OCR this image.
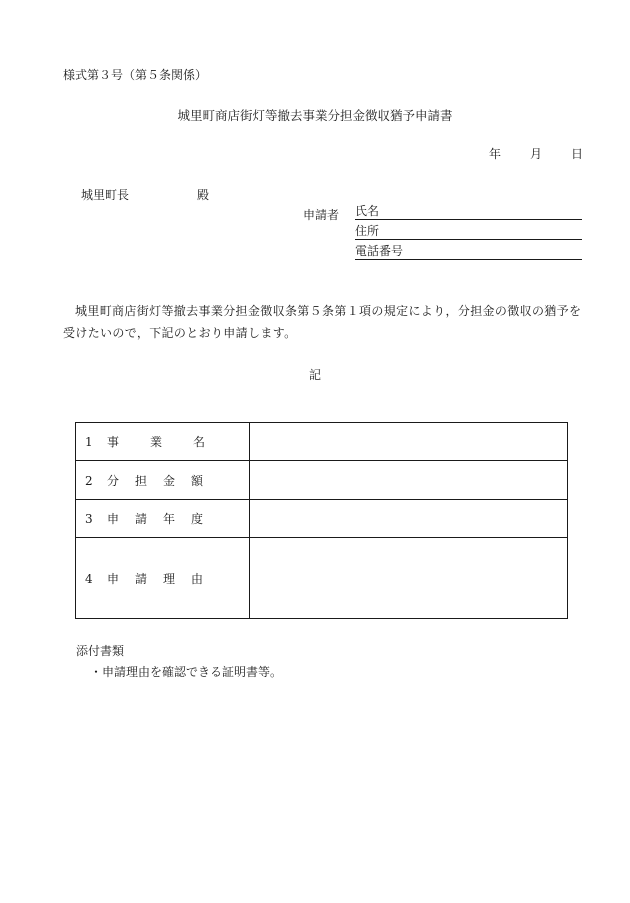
様式第３号（第５条関係）
城里町商店街灯等撤去事業分担金徴収猶予申請書
年 月 日
城里町長	殿
申請者 氏名
住所
電話番号
城里町商店街灯等撤去事業分担金徴収条第５条第１項の規定により，分担金の徴収の猶予を受けたいので，下記のとおり申請します。
記
1 事業名	
2 分担金額	
3 申請年度	
4 申請理由	
添付書類
・申請理由を確認できる証明書等。
